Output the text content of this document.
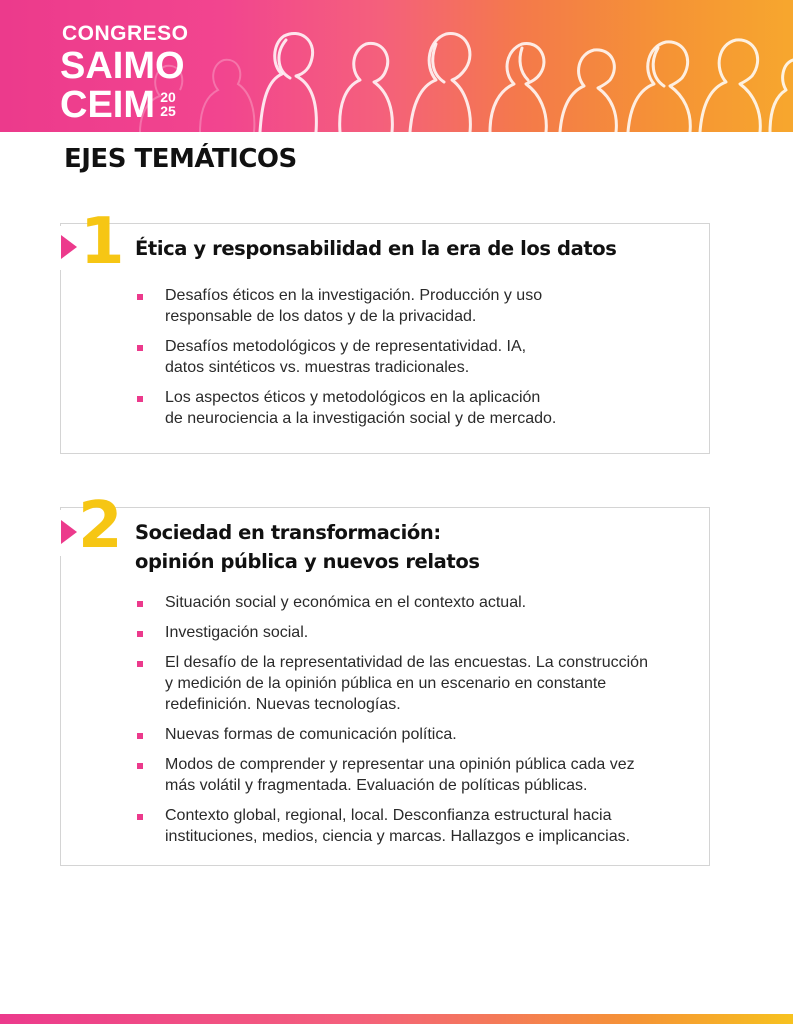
CONGRESO
SAIMO
CEIM 20
25
EJES TEMÁTICOS
1 Ética y responsabilidad en la era de los datos
Desafíos éticos en la investigación. Producción y uso
responsable de los datos y de la privacidad.
Desafíos metodológicos y de representatividad. IA,
datos sintéticos vs. muestras tradicionales.
Los aspectos éticos y metodológicos en la aplicación
de neurociencia a la investigación social y de mercado.
2 Sociedad en transformación:
opinión pública y nuevos relatos
Situación social y económica en el contexto actual.
Investigación social.
El desafío de la representatividad de las encuestas. La construcción
y medición de la opinión pública en un escenario en constante
redefinición. Nuevas tecnologías.
Nuevas formas de comunicación política.
Modos de comprender y representar una opinión pública cada vez
más volátil y fragmentada. Evaluación de políticas públicas.
Contexto global, regional, local. Desconfianza estructural hacia
instituciones, medios, ciencia y marcas. Hallazgos e implicancias.
